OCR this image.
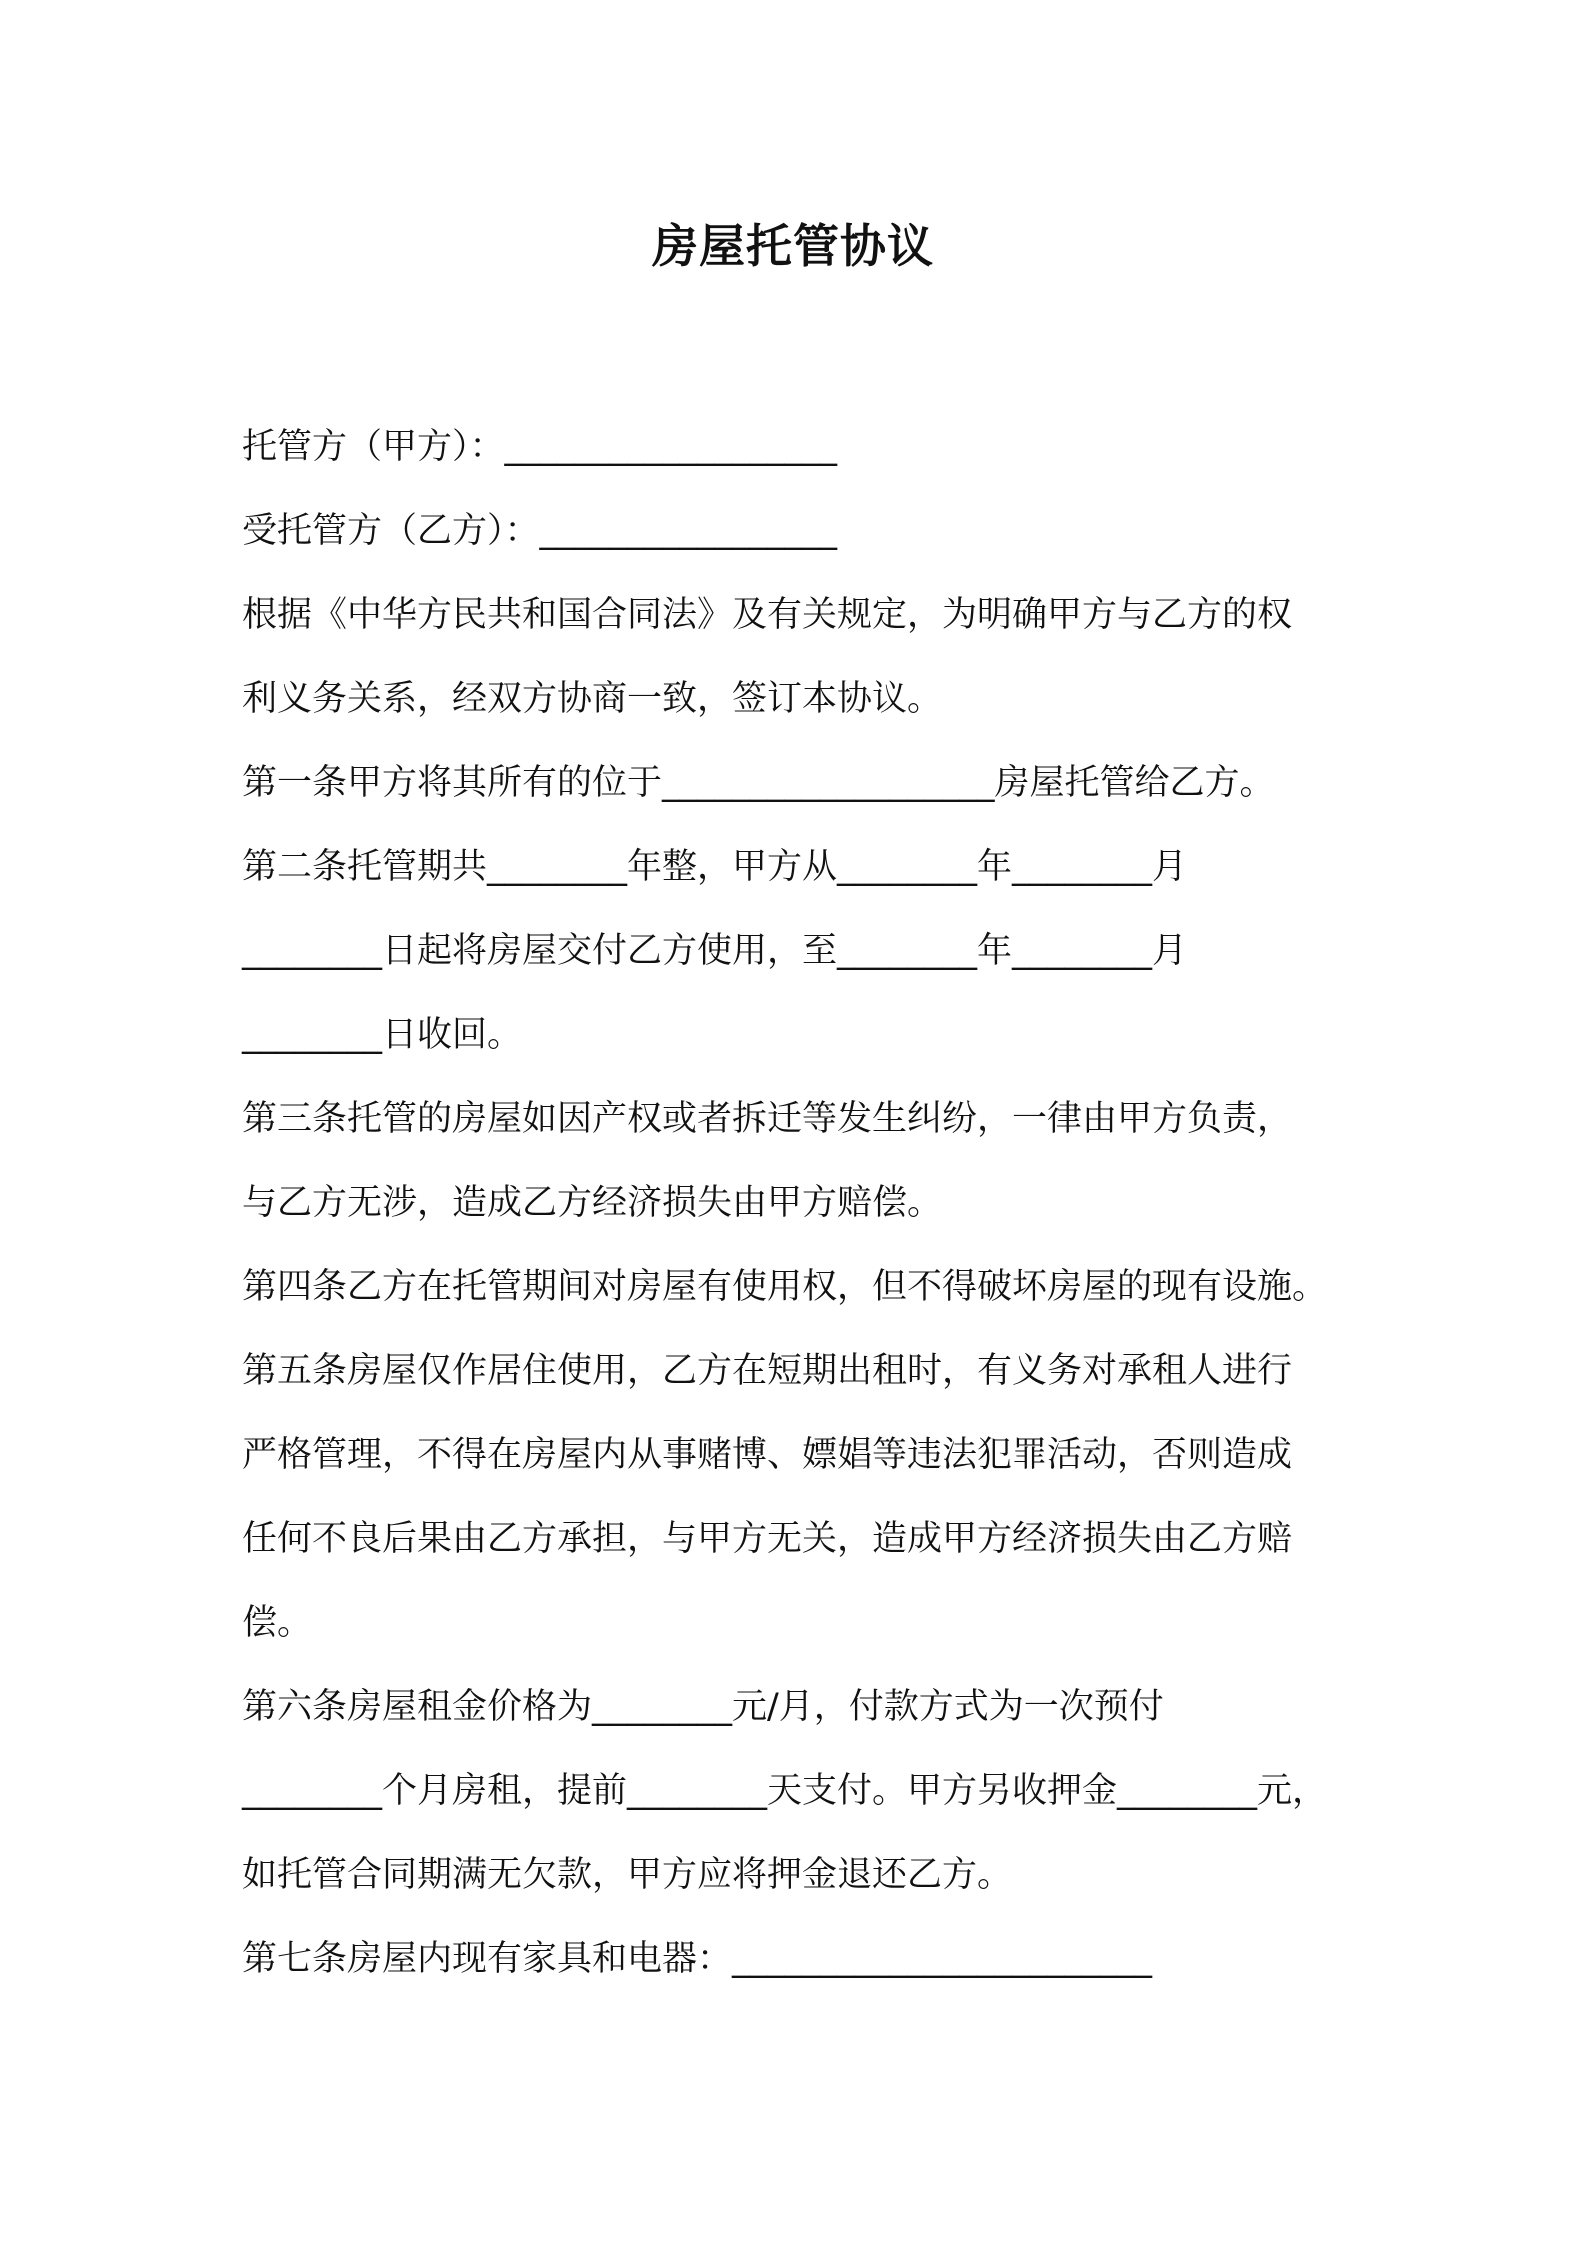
房屋托管协议
托管方（甲方）：___________________
受托管方（乙方）：_________________
根据《中华方民共和国合同法》及有关规定，为明确甲方与乙方的权
利义务关系，经双方协商一致，签订本协议。
第一条甲方将其所有的位于___________________房屋托管给乙方。
第二条托管期共________年整，甲方从________年________月
________日起将房屋交付乙方使用，至________年________月
________日收回。
第三条托管的房屋如因产权或者拆迁等发生纠纷，一律由甲方负责，
与乙方无涉，造成乙方经济损失由甲方赔偿。
第四条乙方在托管期间对房屋有使用权，但不得破坏房屋的现有设施。
第五条房屋仅作居住使用，乙方在短期出租时，有义务对承租人进行
严格管理，不得在房屋内从事赌博、嫖娼等违法犯罪活动，否则造成
任何不良后果由乙方承担，与甲方无关，造成甲方经济损失由乙方赔
偿。
第六条房屋租金价格为________元/月，付款方式为一次预付
________个月房租，提前________天支付。甲方另收押金________元，
如托管合同期满无欠款，甲方应将押金退还乙方。
第七条房屋内现有家具和电器：________________________
